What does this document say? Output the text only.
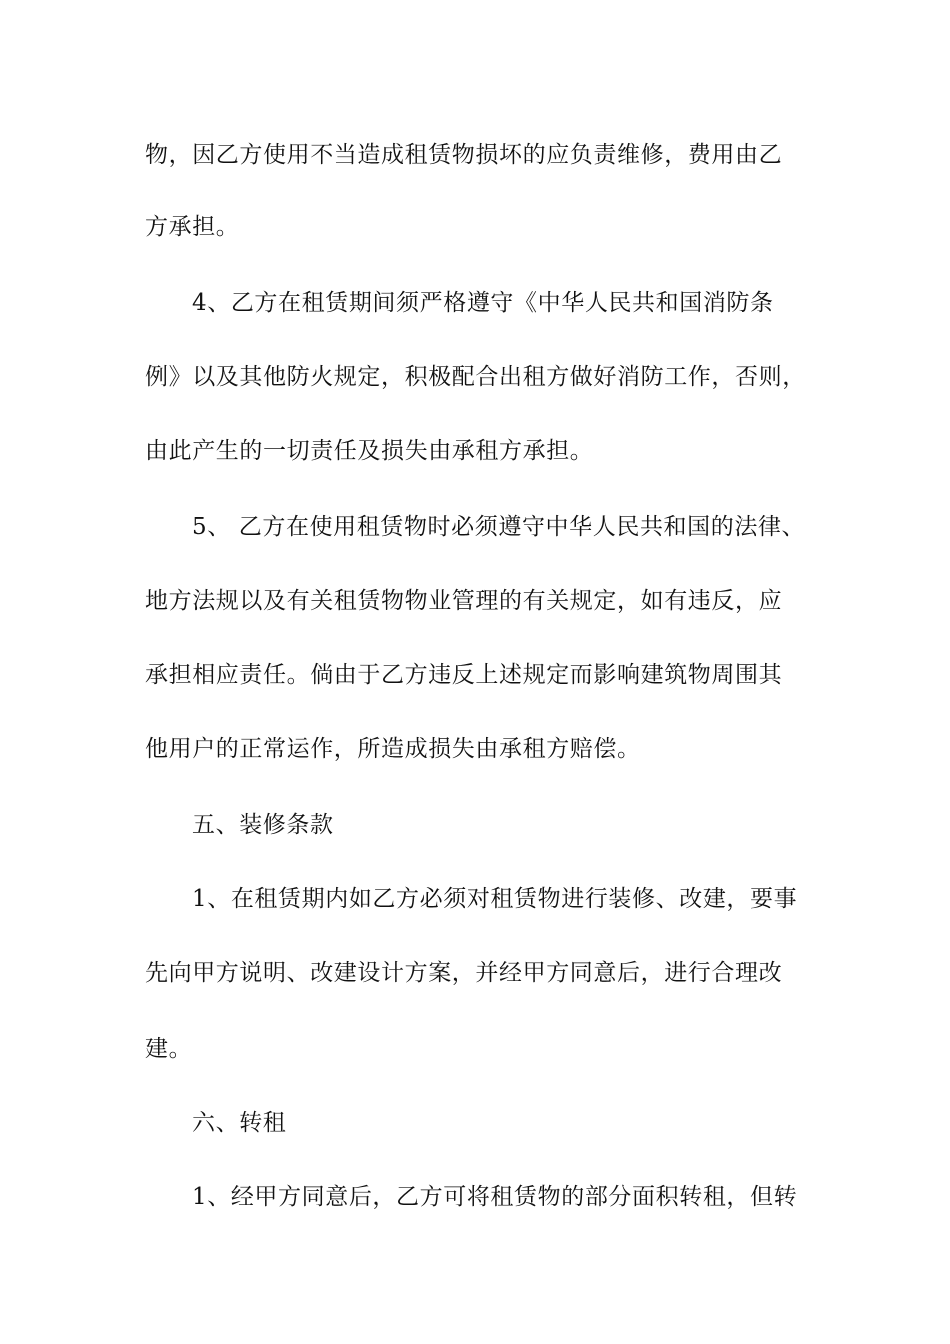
物，因乙方使用不当造成租赁物损坏的应负责维修，费用由乙
方承担。
4、乙方在租赁期间须严格遵守《中华人民共和国消防条
例》以及其他防火规定，积极配合出租方做好消防工作，否则，
由此产生的一切责任及损失由承租方承担。
5、 乙方在使用租赁物时必须遵守中华人民共和国的法律、
地方法规以及有关租赁物物业管理的有关规定，如有违反，应
承担相应责任。倘由于乙方违反上述规定而影响建筑物周围其
他用户的正常运作，所造成损失由承租方赔偿。
五、装修条款
1、在租赁期内如乙方必须对租赁物进行装修、改建，要事
先向甲方说明、改建设计方案，并经甲方同意后，进行合理改
建。
六、转租
1、经甲方同意后，乙方可将租赁物的部分面积转租，但转
